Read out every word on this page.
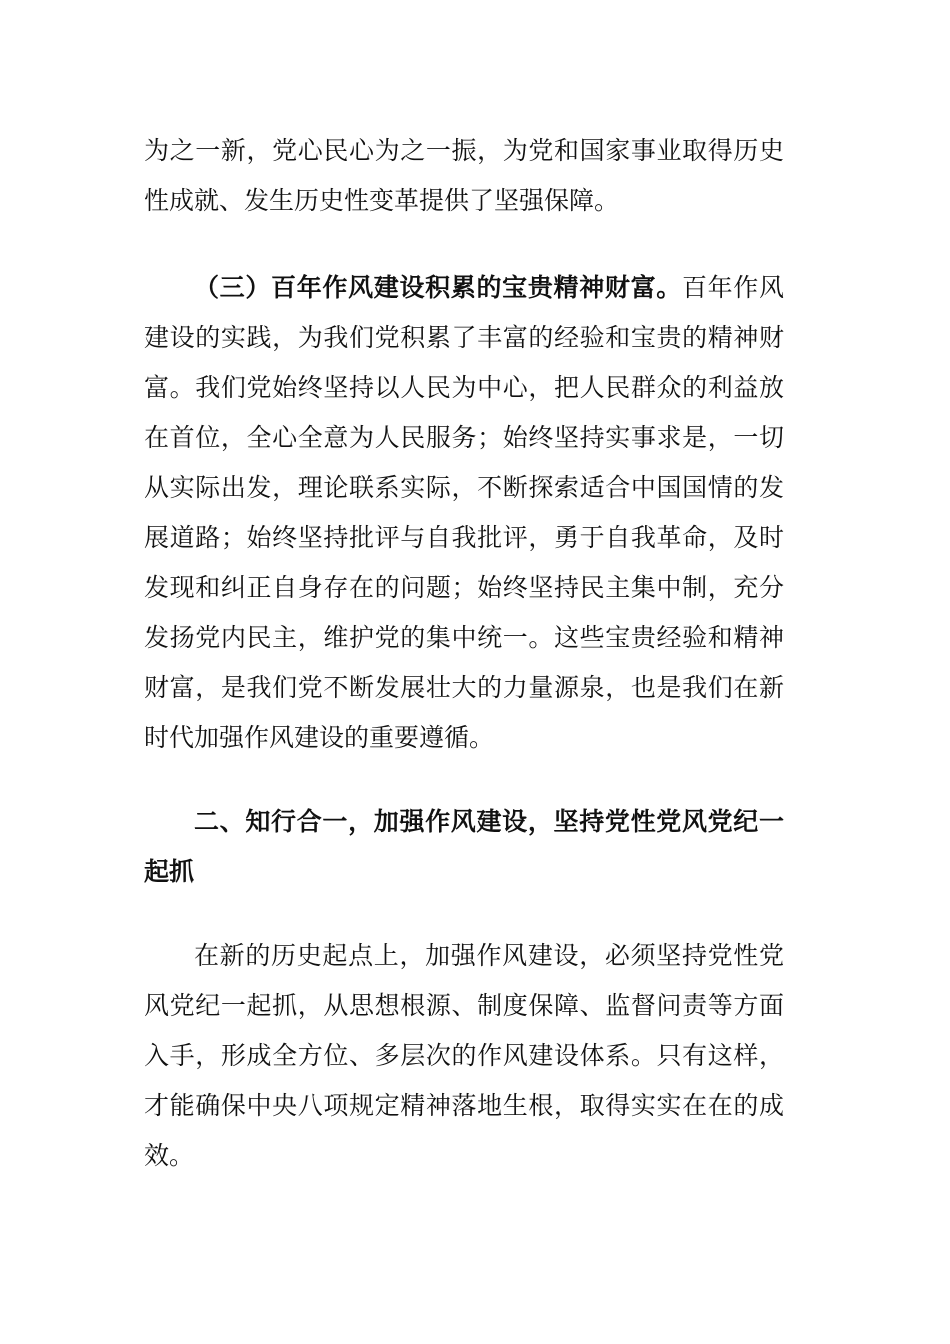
为之一新，党心民心为之一振，为党和国家事业取得历史性成就、发生历史性变革提供了坚强保障。

（三）百年作风建设积累的宝贵精神财富。百年作风建设的实践，为我们党积累了丰富的经验和宝贵的精神财富。我们党始终坚持以人民为中心，把人民群众的利益放在首位，全心全意为人民服务；始终坚持实事求是，一切从实际出发，理论联系实际，不断探索适合中国国情的发展道路；始终坚持批评与自我批评，勇于自我革命，及时发现和纠正自身存在的问题；始终坚持民主集中制，充分发扬党内民主，维护党的集中统一。这些宝贵经验和精神财富，是我们党不断发展壮大的力量源泉，也是我们在新时代加强作风建设的重要遵循。

二、知行合一，加强作风建设，坚持党性党风党纪一起抓

在新的历史起点上，加强作风建设，必须坚持党性党风党纪一起抓，从思想根源、制度保障、监督问责等方面入手，形成全方位、多层次的作风建设体系。只有这样，才能确保中央八项规定精神落地生根，取得实实在在的成效。
